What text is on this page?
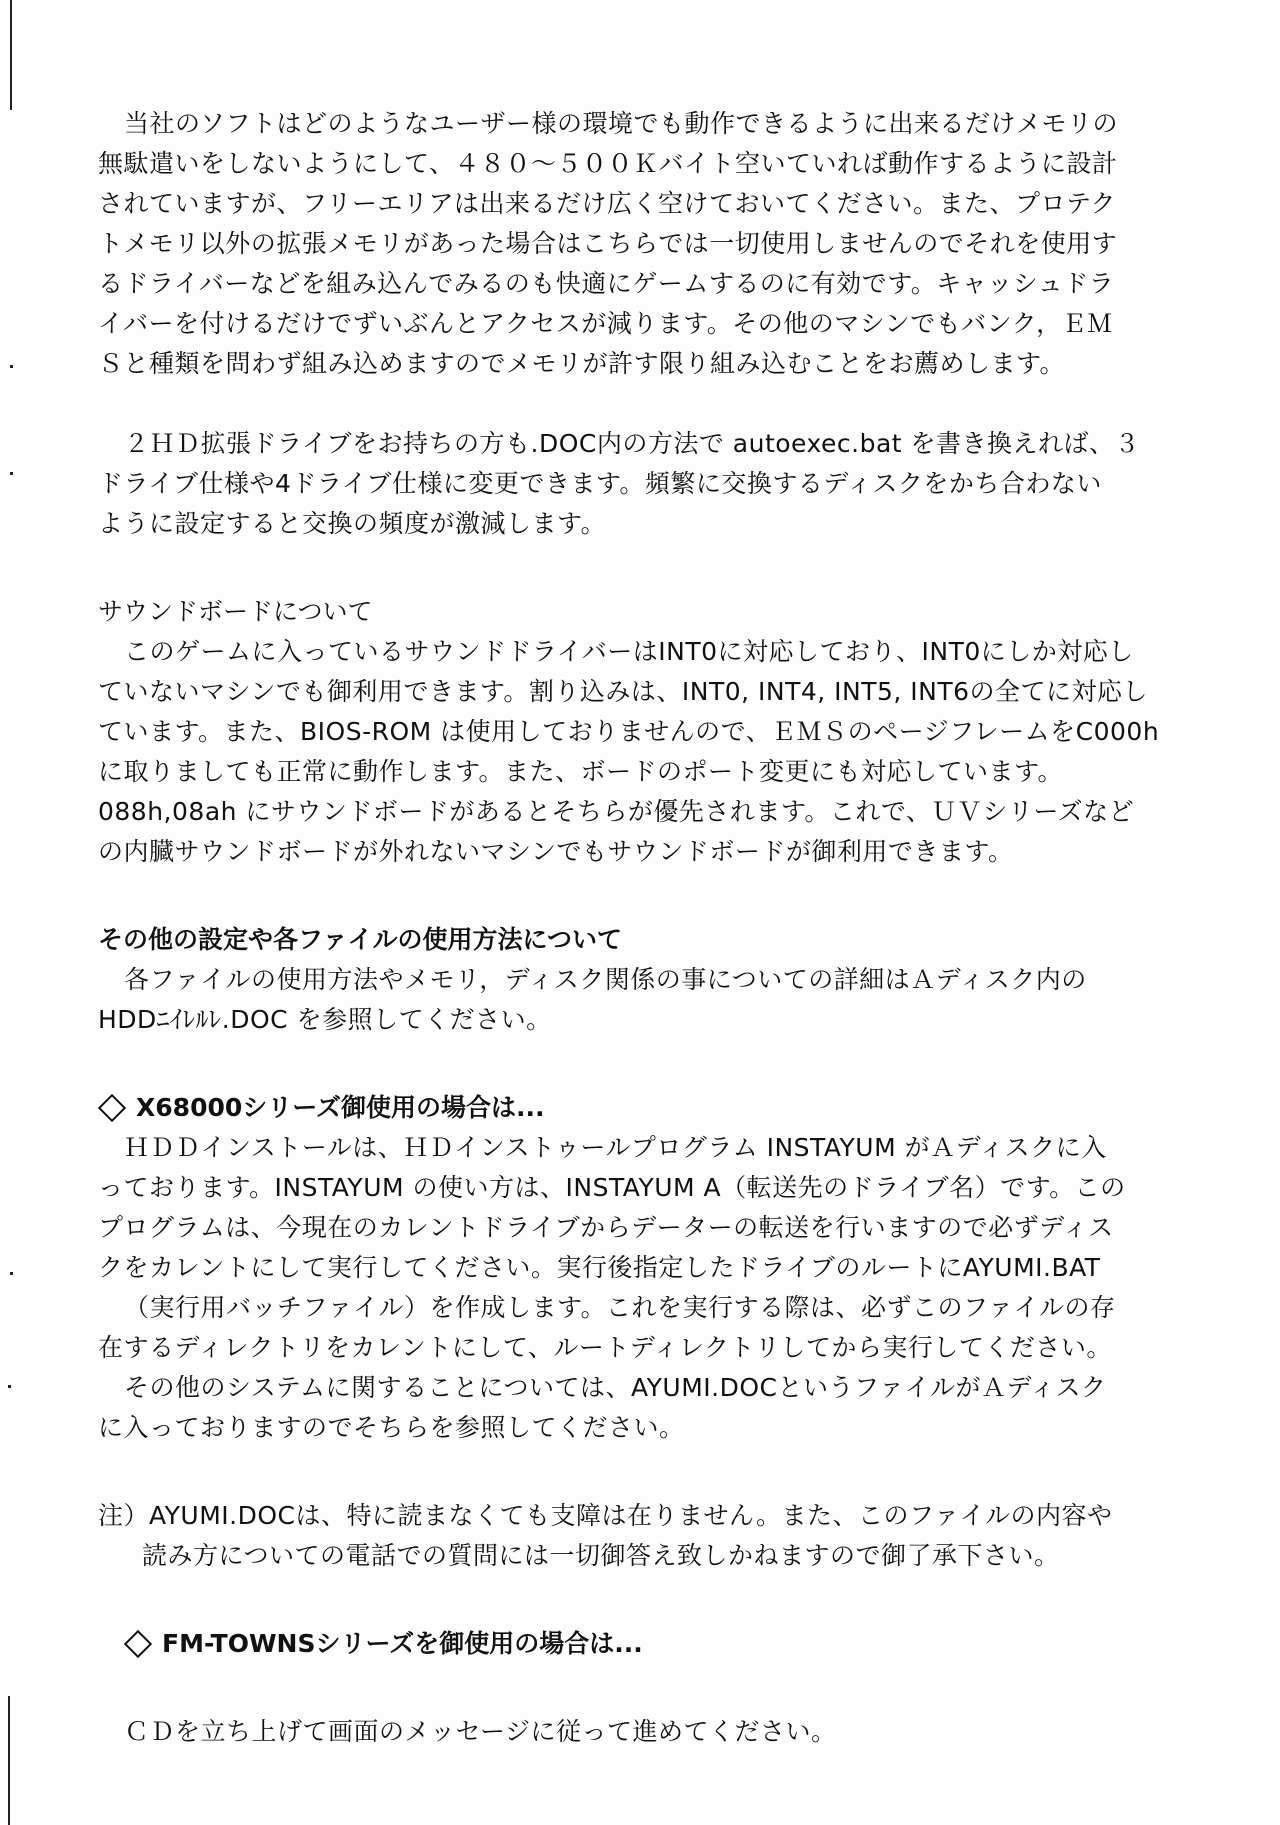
当社のソフトはどのようなユーザー様の環境でも動作できるように出来るだけメモリの
無駄遣いをしないようにして、４８０〜５００Ｋバイト空いていれば動作するように設計
されていますが、フリーエリアは出来るだけ広く空けておいてください。また、プロテク
トメモリ以外の拡張メモリがあった場合はこちらでは一切使用しませんのでそれを使用す
るドライバーなどを組み込んでみるのも快適にゲームするのに有効です。キャッシュドラ
イバーを付けるだけでずいぶんとアクセスが減ります。その他のマシンでもバンク，ＥＭ
Ｓと種類を問わず組み込めますのでメモリが許す限り組み込むことをお薦めします。
２ＨＤ拡張ドライブをお持ちの方も.DOC内の方法で autoexec.bat を書き換えれば、３
ドライブ仕様や4ドライブ仕様に変更できます。頻繁に交換するディスクをかち合わない
ように設定すると交換の頻度が激減します。
サウンドボードについて
このゲームに入っているサウンドドライバーはINT0に対応しており、INT0にしか対応し
ていないマシンでも御利用できます。割り込みは、INT0, INT4, INT5, INT6の全てに対応し
ています。また、BIOS-ROM は使用しておりませんので、ＥＭＳのページフレームをC000h
に取りましても正常に動作します。また、ボードのポート変更にも対応しています。
088h,08ah にサウンドボードがあるとそちらが優先されます。これで、ＵＶシリーズなど
の内臓サウンドボードが外れないマシンでもサウンドボードが御利用できます。
その他の設定や各ファイルの使用方法について
各ファイルの使用方法やメモリ，ディスク関係の事についての詳細はＡディスク内の
HDDﾆｲﾚﾙﾚ.DOC を参照してください。
X68000シリーズ御使用の場合は...
ＨＤＤインストールは、ＨＤインストゥールプログラム INSTAYUM がＡディスクに入
っております。INSTAYUM の使い方は、INSTAYUM A（転送先のドライブ名）です。この
プログラムは、今現在のカレントドライブからデーターの転送を行いますので必ずディス
クをカレントにして実行してください。実行後指定したドライブのルートにAYUMI.BAT
（実行用バッチファイル）を作成します。これを実行する際は、必ずこのファイルの存
在するディレクトリをカレントにして、ルートディレクトリしてから実行してください。
その他のシステムに関することについては、AYUMI.DOCというファイルがＡディスク
に入っておりますのでそちらを参照してください。
注）AYUMI.DOCは、特に読まなくても支障は在りません。また、このファイルの内容や
読み方についての電話での質問には一切御答え致しかねますので御了承下さい。
FM-TOWNSシリーズを御使用の場合は...
ＣＤを立ち上げて画面のメッセージに従って進めてください。
